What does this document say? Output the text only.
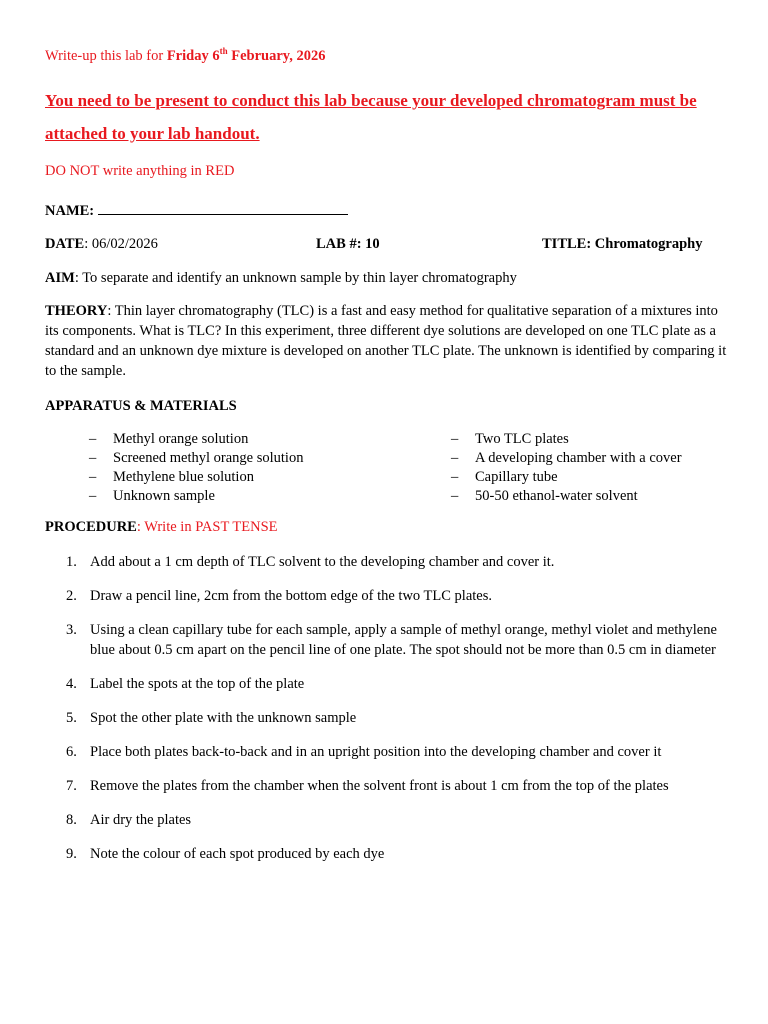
Write-up this lab for Friday 6th February, 2026
You need to be present to conduct this lab because your developed chromatogram must be attached to your lab handout.
DO NOT write anything in RED
NAME:
DATE: 06/02/2026	LAB #: 10	TITLE: Chromatography
AIM: To separate and identify an unknown sample by thin layer chromatography
THEORY: Thin layer chromatography (TLC) is a fast and easy method for qualitative separation of a mixtures into its components. What is TLC? In this experiment, three different dye solutions are developed on one TLC plate as a standard and an unknown dye mixture is developed on another TLC plate. The unknown is identified by comparing it to the sample.
APPARATUS & MATERIALS
– Methyl orange solution
– Screened methyl orange solution
– Methylene blue solution
– Unknown sample
– Two TLC plates
– A developing chamber with a cover
– Capillary tube
– 50-50 ethanol-water solvent
PROCEDURE: Write in PAST TENSE
1. Add about a 1 cm depth of TLC solvent to the developing chamber and cover it.
2. Draw a pencil line, 2cm from the bottom edge of the two TLC plates.
3. Using a clean capillary tube for each sample, apply a sample of methyl orange, methyl violet and methylene blue about 0.5 cm apart on the pencil line of one plate. The spot should not be more than 0.5 cm in diameter
4. Label the spots at the top of the plate
5. Spot the other plate with the unknown sample
6. Place both plates back-to-back and in an upright position into the developing chamber and cover it
7. Remove the plates from the chamber when the solvent front is about 1 cm from the top of the plates
8. Air dry the plates
9. Note the colour of each spot produced by each dye
